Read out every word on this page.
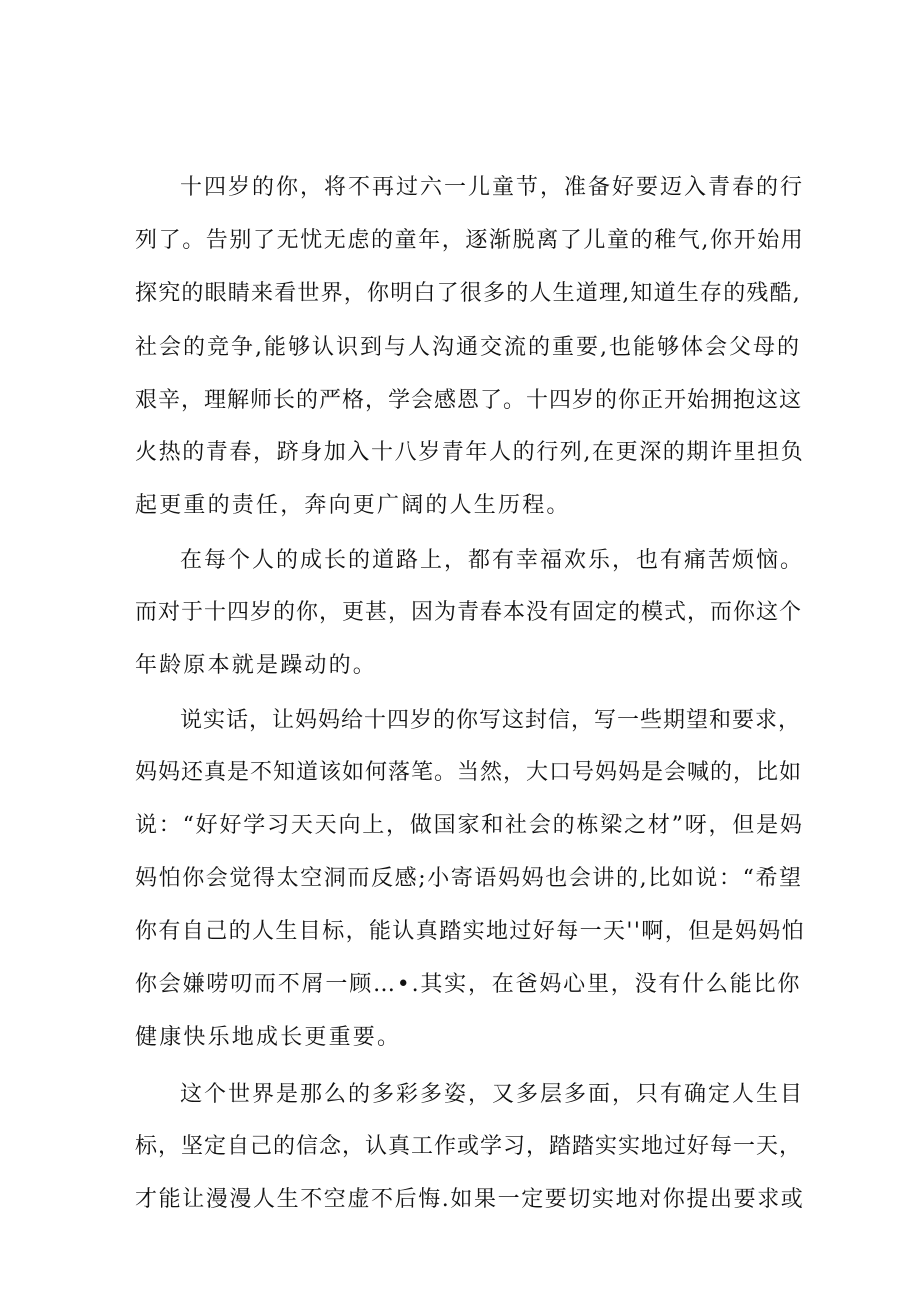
十四岁的你，将不再过六一儿童节，准备好要迈入青春的行
列了。告别了无忧无虑的童年，逐渐脱离了儿童的稚气,你开始用
探究的眼睛来看世界，你明白了很多的人生道理,知道生存的残酷,
社会的竞争,能够认识到与人沟通交流的重要,也能够体会父母的
艰辛，理解师长的严格，学会感恩了。十四岁的你正开始拥抱这这
火热的青春，跻身加入十八岁青年人的行列,在更深的期许里担负
起更重的责任，奔向更广阔的人生历程。
在每个人的成长的道路上，都有幸福欢乐，也有痛苦烦恼。
而对于十四岁的你，更甚，因为青春本没有固定的模式，而你这个
年龄原本就是躁动的。
说实话，让妈妈给十四岁的你写这封信，写一些期望和要求，
妈妈还真是不知道该如何落笔。当然，大口号妈妈是会喊的，比如
说：“好好学习天天向上，做国家和社会的栋梁之材”呀，但是妈
妈怕你会觉得太空洞而反感;小寄语妈妈也会讲的,比如说：“希望
你有自己的人生目标，能认真踏实地过好每一天''啊，但是妈妈怕
你会嫌唠叨而不屑一顾…•.其实，在爸妈心里，没有什么能比你
健康快乐地成长更重要。
这个世界是那么的多彩多姿，又多层多面，只有确定人生目
标，坚定自己的信念，认真工作或学习，踏踏实实地过好每一天，
才能让漫漫人生不空虚不后悔.如果一定要切实地对你提出要求或
